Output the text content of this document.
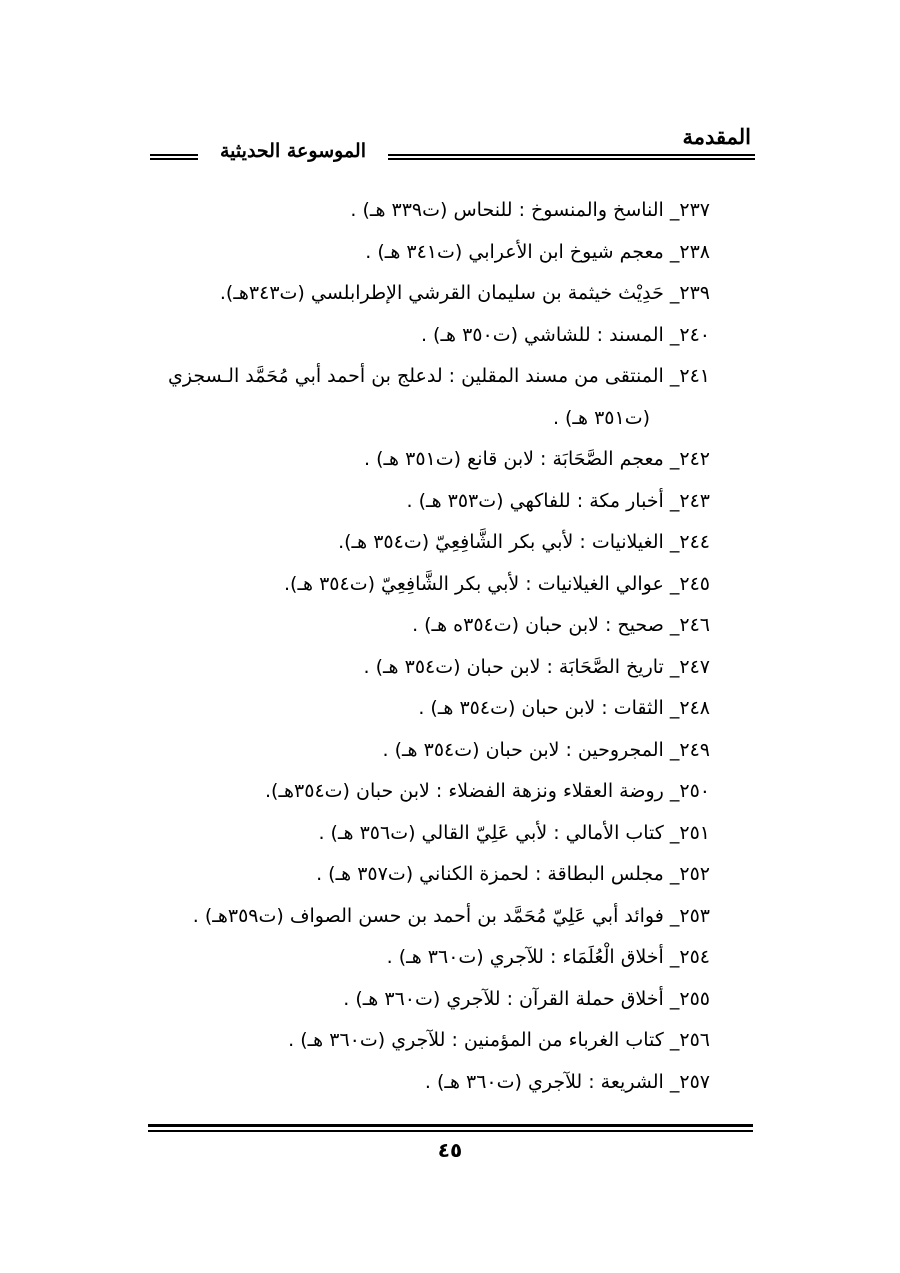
المقدمة
الموسوعة الحديثية
٢٣٧_ الناسخ والمنسوخ : للنحاس (ت٣٣٩ هـ) .
٢٣٨_ معجم شيوخ ابن الأعرابي (ت٣٤١ هـ) .
٢٣٩_ حَدِيْث خيثمة بن سليمان القرشي الإطرابلسي (ت٣٤٣هـ).
٢٤٠_ المسند : للشاشي (ت٣٥٠ هـ) .
٢٤١_ المنتقى من مسند المقلين : لدعلج بن أحمد أبي مُحَمَّد الـسجزي
(ت٣٥١ هـ) .
٢٤٢_ معجم الصَّحَابَة : لابن قانع (ت٣٥١ هـ) .
٢٤٣_ أخبار مكة : للفاكهي (ت٣٥٣ هـ) .
٢٤٤_ الغيلانيات : لأبي بكر الشَّافِعِيّ (ت٣٥٤ هـ).
٢٤٥_ عوالي الغيلانيات : لأبي بكر الشَّافِعِيّ (ت٣٥٤ هـ).
٢٤٦_ صحيح : لابن حبان (ت٣٥٤ه هـ) .
٢٤٧_ تاريخ الصَّحَابَة : لابن حبان (ت٣٥٤ هـ) .
٢٤٨_ الثقات : لابن حبان (ت٣٥٤ هـ) .
٢٤٩_ المجروحين : لابن حبان (ت٣٥٤ هـ) .
٢٥٠_ روضة العقلاء ونزهة الفضلاء : لابن حبان (ت٣٥٤هـ).
٢٥١_ كتاب الأمالي : لأبي عَلِيّ القالي (ت٣٥٦ هـ) .
٢٥٢_ مجلس البطاقة : لحمزة الكناني (ت٣٥٧ هـ) .
٢٥٣_ فوائد أبي عَلِيّ مُحَمَّد بن أحمد بن حسن الصواف (ت٣٥٩هـ) .
٢٥٤_ أخلاق الْعُلَمَاء : للآجري (ت٣٦٠ هـ) .
٢٥٥_ أخلاق حملة القرآن : للآجري (ت٣٦٠ هـ) .
٢٥٦_ كتاب الغرباء من المؤمنين : للآجري (ت٣٦٠ هـ) .
٢٥٧_ الشريعة : للآجري (ت٣٦٠ هـ) .
٤٥
